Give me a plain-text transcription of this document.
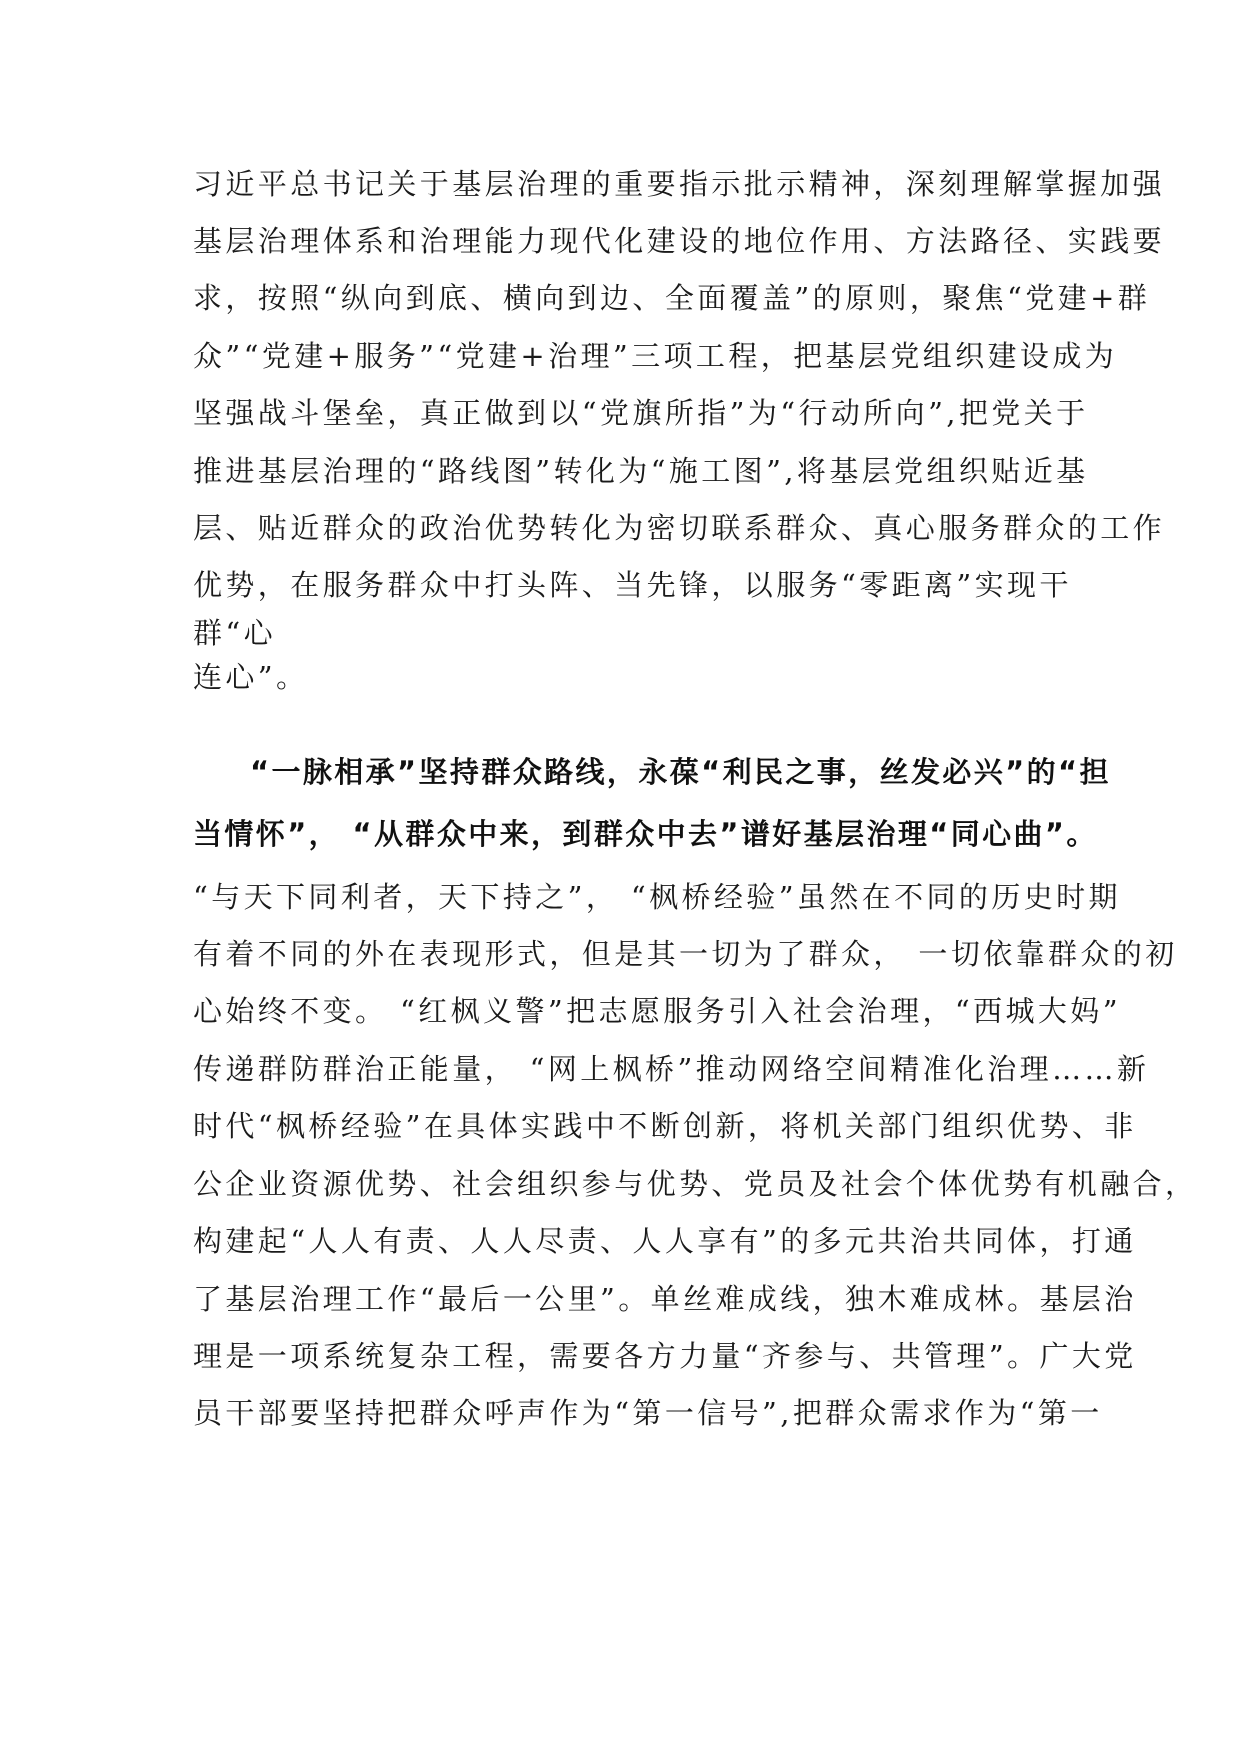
习近平总书记关于基层治理的重要指示批示精神，深刻理解掌握加强
基层治理体系和治理能力现代化建设的地位作用、方法路径、实践要
求，按照“纵向到底、横向到边、全面覆盖”的原则，聚焦“党建+群
众”“党建+服务”“党建+治理”三项工程，把基层党组织建设成为
坚强战斗堡垒，真正做到以“党旗所指”为“行动所向”,把党关于
推进基层治理的“路线图”转化为“施工图”,将基层党组织贴近基
层、贴近群众的政治优势转化为密切联系群众、真心服务群众的工作
优势，在服务群众中打头阵、当先锋，以服务“零距离”实现干
群“心
连心”。
“一脉相承”坚持群众路线，永葆“利民之事，丝发必兴”的“担
当情怀”， “从群众中来，到群众中去”谱好基层治理“同心曲”。
“与天下同利者，天下持之”， “枫桥经验”虽然在不同的历史时期
有着不同的外在表现形式，但是其一切为了群众， 一切依靠群众的初
心始终不变。 “红枫义警”把志愿服务引入社会治理，“西城大妈”
传递群防群治正能量， “网上枫桥”推动网络空间精准化治理……新
时代“枫桥经验”在具体实践中不断创新，将机关部门组织优势、非
公企业资源优势、社会组织参与优势、党员及社会个体优势有机融合，
构建起“人人有责、人人尽责、人人享有”的多元共治共同体，打通
了基层治理工作“最后一公里”。单丝难成线，独木难成林。基层治
理是一项系统复杂工程，需要各方力量“齐参与、共管理”。广大党
员干部要坚持把群众呼声作为“第一信号”,把群众需求作为“第一
